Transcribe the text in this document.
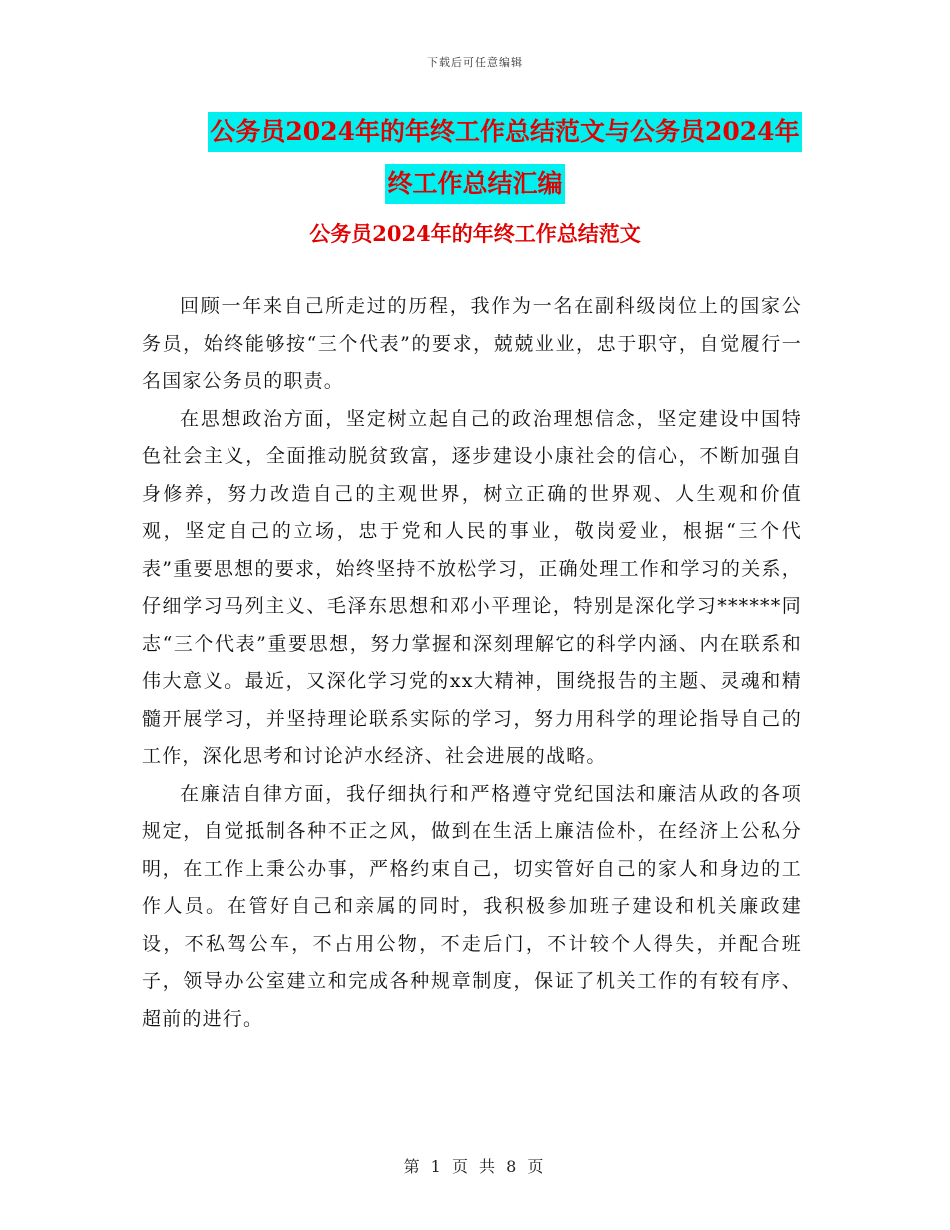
下载后可任意编辑
公务员2024年的年终工作总结范文与公务员2024年
终工作总结汇编
公务员2024年的年终工作总结范文

回顾一年来自己所走过的历程，我作为一名在副科级岗位上的国家公务员，始终能够按“三个代表”的要求，兢兢业业，忠于职守，自觉履行一名国家公务员的职责。

在思想政治方面，坚定树立起自己的政治理想信念，坚定建设中国特色社会主义，全面推动脱贫致富，逐步建设小康社会的信心，不断加强自身修养，努力改造自己的主观世界，树立正确的世界观、人生观和价值观，坚定自己的立场，忠于党和人民的事业，敬岗爱业，根据“三个代表”重要思想的要求，始终坚持不放松学习，正确处理工作和学习的关系，仔细学习马列主义、毛泽东思想和邓小平理论，特别是深化学习******同志“三个代表”重要思想，努力掌握和深刻理解它的科学内涵、内在联系和伟大意义。最近，又深化学习党的xx大精神，围绕报告的主题、灵魂和精髓开展学习，并坚持理论联系实际的学习，努力用科学的理论指导自己的工作，深化思考和讨论泸水经济、社会进展的战略。

在廉洁自律方面，我仔细执行和严格遵守党纪国法和廉洁从政的各项规定，自觉抵制各种不正之风，做到在生活上廉洁俭朴，在经济上公私分明，在工作上秉公办事，严格约束自己，切实管好自己的家人和身边的工作人员。在管好自己和亲属的同时，我积极参加班子建设和机关廉政建设，不私驾公车，不占用公物，不走后门，不计较个人得失，并配合班子，领导办公室建立和完成各种规章制度，保证了机关工作的有较有序、超前的进行。

第 1 页 共 8 页
